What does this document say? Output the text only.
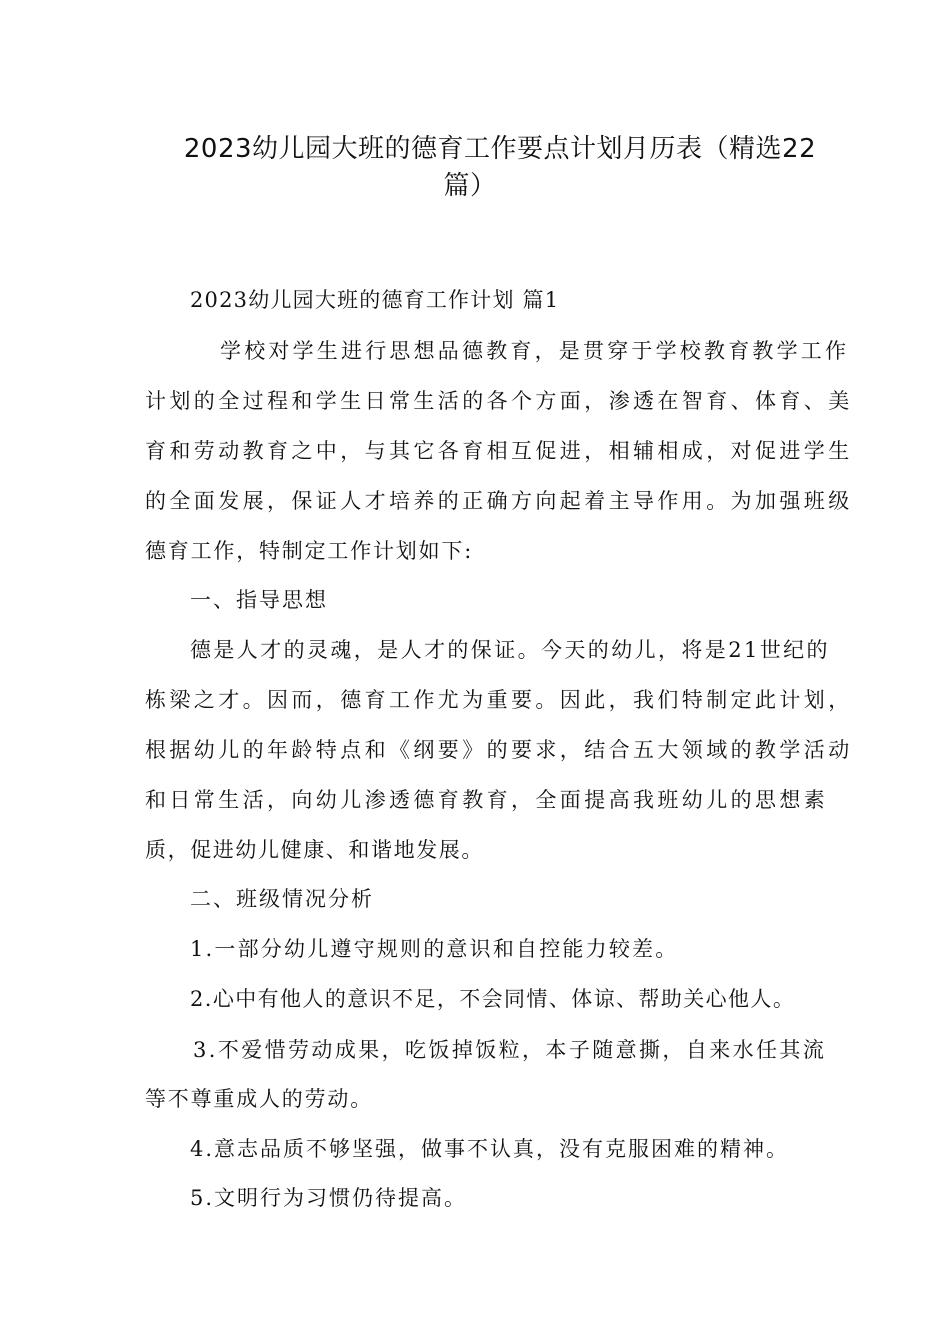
2023幼儿园大班的德育工作要点计划月历表（精选22
篇）

2023幼儿园大班的德育工作计划 篇1

学校对学生进行思想品德教育，是贯穿于学校教育教学工作

计划的全过程和学生日常生活的各个方面，渗透在智育、体育、美

育和劳动教育之中，与其它各育相互促进，相辅相成，对促进学生

的全面发展，保证人才培养的正确方向起着主导作用。为加强班级

德育工作，特制定工作计划如下:

一、指导思想

德是人才的灵魂，是人才的保证。今天的幼儿，将是21世纪的

栋梁之才。因而，德育工作尤为重要。因此，我们特制定此计划，

根据幼儿的年龄特点和《纲要》的要求，结合五大领域的教学活动

和日常生活，向幼儿渗透德育教育，全面提高我班幼儿的思想素

质，促进幼儿健康、和谐地发展。

二、班级情况分析

1.一部分幼儿遵守规则的意识和自控能力较差。

2.心中有他人的意识不足，不会同情、体谅、帮助关心他人。

3.不爱惜劳动成果，吃饭掉饭粒，本子随意撕，自来水任其流

等不尊重成人的劳动。

4.意志品质不够坚强，做事不认真，没有克服困难的精神。

5.文明行为习惯仍待提高。
